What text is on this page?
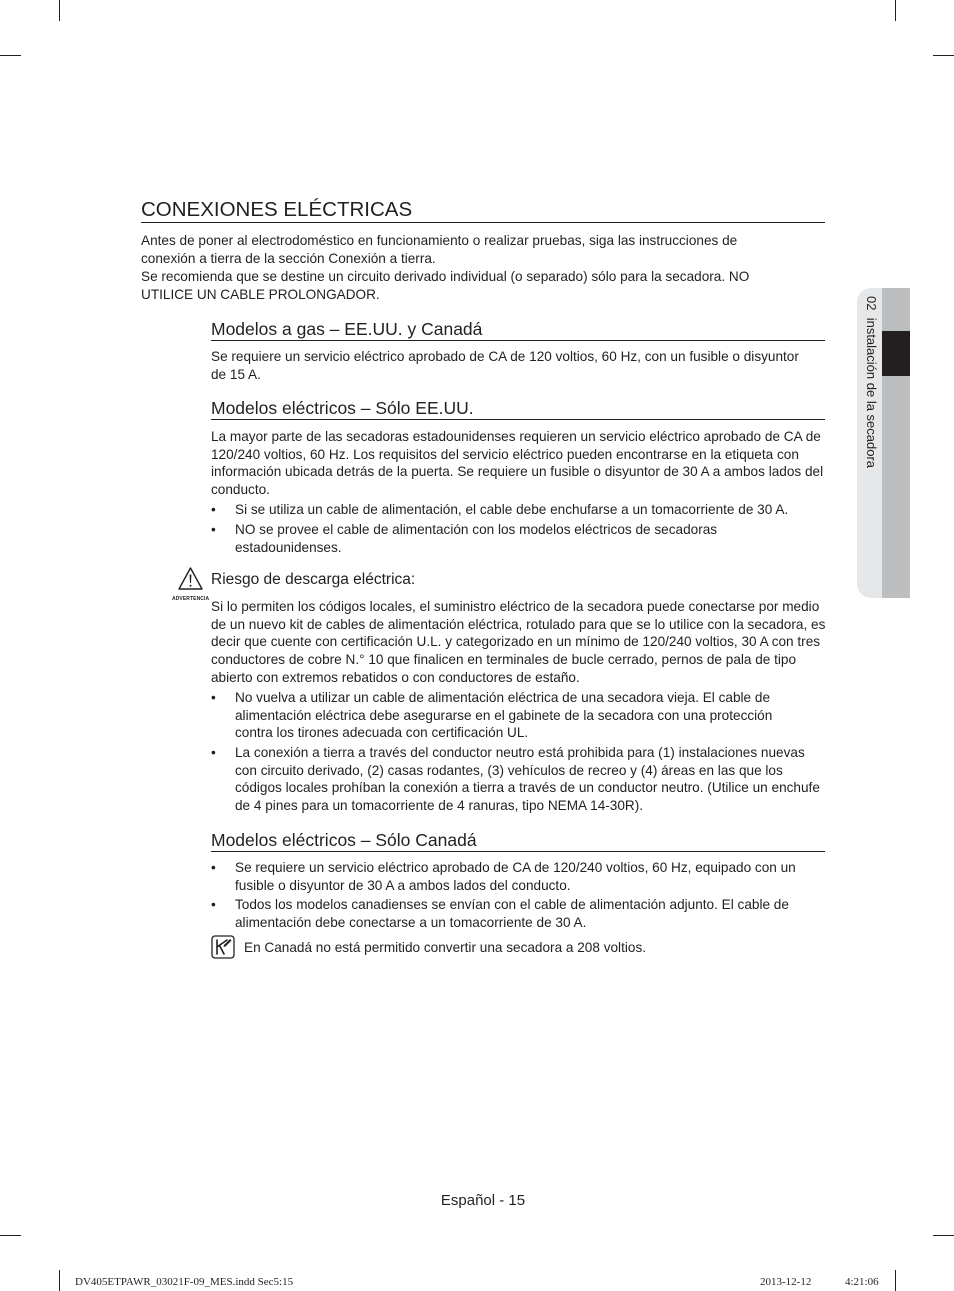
02  instalación de la secadora
CONEXIONES ELÉCTRICAS

Antes de poner al electrodoméstico en funcionamiento o realizar pruebas, siga las instrucciones de conexión a tierra de la sección Conexión a tierra.

Se recomienda que se destine un circuito derivado individual (o separado) sólo para la secadora. NO UTILICE UN CABLE PROLONGADOR.

Modelos a gas – EE.UU. y Canadá

Se requiere un servicio eléctrico aprobado de CA de 120 voltios, 60 Hz, con un fusible o disyuntor de 15 A.

Modelos eléctricos – Sólo EE.UU.

La mayor parte de las secadoras estadounidenses requieren un servicio eléctrico aprobado de CA de 120/240 voltios, 60 Hz. Los requisitos del servicio eléctrico pueden encontrarse en la etiqueta con información ubicada detrás de la puerta. Se requiere un fusible o disyuntor de 30 A a ambos lados del conducto.

•	Si se utiliza un cable de alimentación, el cable debe enchufarse a un tomacorriente de 30 A.
•	NO se provee el cable de alimentación con los modelos eléctricos de secadoras estadounidenses.
ADVERTENCIA
Riesgo de descarga eléctrica:

Si lo permiten los códigos locales, el suministro eléctrico de la secadora puede conectarse por medio de un nuevo kit de cables de alimentación eléctrica, rotulado para que se lo utilice con la secadora, es decir que cuente con certificación U.L. y categorizado en un mínimo de 120/240 voltios, 30 A con tres conductores de cobre N.° 10 que finalicen en terminales de bucle cerrado, pernos de pala de tipo abierto con extremos rebatidos o con conductores de estaño.

•	No vuelva a utilizar un cable de alimentación eléctrica de una secadora vieja. El cable de alimentación eléctrica debe asegurarse en el gabinete de la secadora con una protección contra los tirones adecuada con certificación UL.
•	La conexión a tierra a través del conductor neutro está prohibida para (1) instalaciones nuevas con circuito derivado, (2) casas rodantes, (3) vehículos de recreo y (4) áreas en las que los códigos locales prohíban la conexión a tierra a través de un conductor neutro. (Utilice un enchufe de 4 pines para un tomacorriente de 4 ranuras, tipo NEMA 14-30R).
Modelos eléctricos – Sólo Canadá
•	Se requiere un servicio eléctrico aprobado de CA de 120/240 voltios, 60 Hz, equipado con un fusible o disyuntor de 30 A a ambos lados del conducto.
•	Todos los modelos canadienses se envían con el cable de alimentación adjunto. El cable de alimentación debe conectarse a un tomacorriente de 30 A.

En Canadá no está permitido convertir una secadora a 208 voltios.

Español - 15
DV405ETPAWR_03021F-09_MES.indd Sec5:15	2013-12-12	4:21:06
